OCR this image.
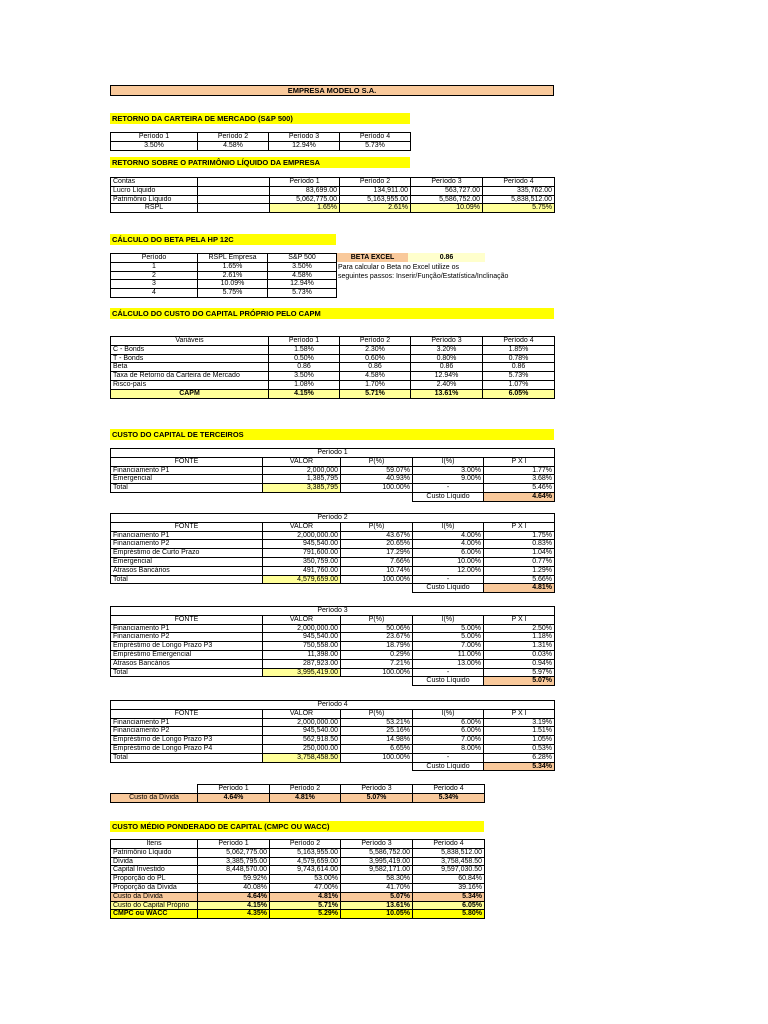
EMPRESA MODELO S.A.
RETORNO DA CARTEIRA DE MERCADO (S&P 500)
Período 1	Período 2	Período 3	Período 4
3.50%	4.58%	12.94%	5.73%
RETORNO SOBRE O PATRIMÔNIO LÍQUIDO DA EMPRESA
Contas		Período 1	Período 2	Período 3	Período 4
Lucro Líquido		83,699.00	134,911.00	563,727.00	335,762.00
Patrimônio Líquido		5,062,775.00	5,163,955.00	5,586,752.00	5,838,512.00
RSPL		1.65%	2.61%	10.09%	5.75%
CÁLCULO DO BETA PELA HP 12C
Período	RSPL Empresa	S&P 500
1	1.65%	3.50%
2	2.61%	4.58%
3	10.09%	12.94%
4	5.75%	5.73%
BETA EXCEL	0.86
Para calcular o Beta no Excel utilize os
seguintes passos: Inserir/Função/Estatística/Inclinação
CÁLCULO DO CUSTO DO CAPITAL PRÓPRIO PELO CAPM
Variáveis	Período 1	Período 2	Período 3	Período 4
C - Bonds	1.58%	2.30%	3.20%	1.85%
T - Bonds	0.50%	0.60%	0.80%	0.78%
Beta	0.86	0.86	0.86	0.86
Taxa de Retorno da Carteira de Mercado	3.50%	4.58%	12.94%	5.73%
Risco-país	1.08%	1.70%	2.40%	1.07%
CAPM	4.15%	5.71%	13.61%	6.05%
CUSTO DO CAPITAL DE TERCEIROS
Período 1				
FONTE	VALOR	P(%)	I(%)	P X I
Financiamento P1	2,000,000	59.07%	3.00%	1.77%
Emergencial	1,385,795	40.93%	9.00%	3.68%
Total	3,385,795	100.00%	-	5.46%
			Custo Líquido	4.64%
Período 2				
FONTE	VALOR	P(%)	I(%)	P X I
Financiamento P1	2,000,000.00	43.67%	4.00%	1.75%
Financiamento P2	945,540.00	20.65%	4.00%	0.83%
Empréstimo de Curto Prazo	791,600.00	17.29%	6.00%	1.04%
Emergencial	350,759.00	7.66%	10.00%	0.77%
Atrasos Bancários	491,760.00	10.74%	12.00%	1.29%
Total	4,579,659.00	100.00%	-	5.66%
			Custo Líquido	4.81%
Período 3				
FONTE	VALOR	P(%)	I(%)	P X I
Financiamento P1	2,000,000.00	50.06%	5.00%	2.50%
Financiamento P2	945,540.00	23.67%	5.00%	1.18%
Empréstimo de Longo Prazo P3	750,558.00	18.79%	7.00%	1.31%
Empréstimo Emergencial	11,398.00	0.29%	11.00%	0.03%
Atrasos Bancários	287,923.00	7.21%	13.00%	0.94%
Total	3,995,419.00	100.00%	-	5.97%
			Custo Líquido	5.07%
Período 4				
FONTE	VALOR	P(%)	I(%)	P X I
Financiamento P1	2,000,000.00	53.21%	6.00%	3.19%
Financiamento P2	945,540.00	25.16%	6.00%	1.51%
Empréstimo de Longo Prazo P3	562,918.50	14.98%	7.00%	1.05%
Empréstimo de Longo Prazo P4	250,000.00	6.65%	8.00%	0.53%
Total	3,758,458.50	100.00%	-	6.28%
			Custo Líquido	5.34%
	Período 1	Período 2	Período 3	Período 4
Custo da Dívida	4.64%	4.81%	5.07%	5.34%
CUSTO MÉDIO PONDERADO DE CAPITAL (CMPC OU WACC)
Itens	Período 1	Período 2	Período 3	Período 4
Patrimônio Líquido	5,062,775.00	5,163,955.00	5,586,752.00	5,838,512.00
Dívida	3,385,795.00	4,579,659.00	3,995,419.00	3,758,458.50
Capital Investido	8,448,570.00	9,743,614.00	9,582,171.00	9,597,030.50
Proporção do PL	59.92%	53.00%	58.30%	60.84%
Proporção da Dívida	40.08%	47.00%	41.70%	39.16%
Custo da Dívida	4.64%	4.81%	5.07%	5.34%
Custo do Capital Próprio	4.15%	5.71%	13.61%	6.05%
CMPC ou WACC	4.35%	5.29%	10.05%	5.80%
